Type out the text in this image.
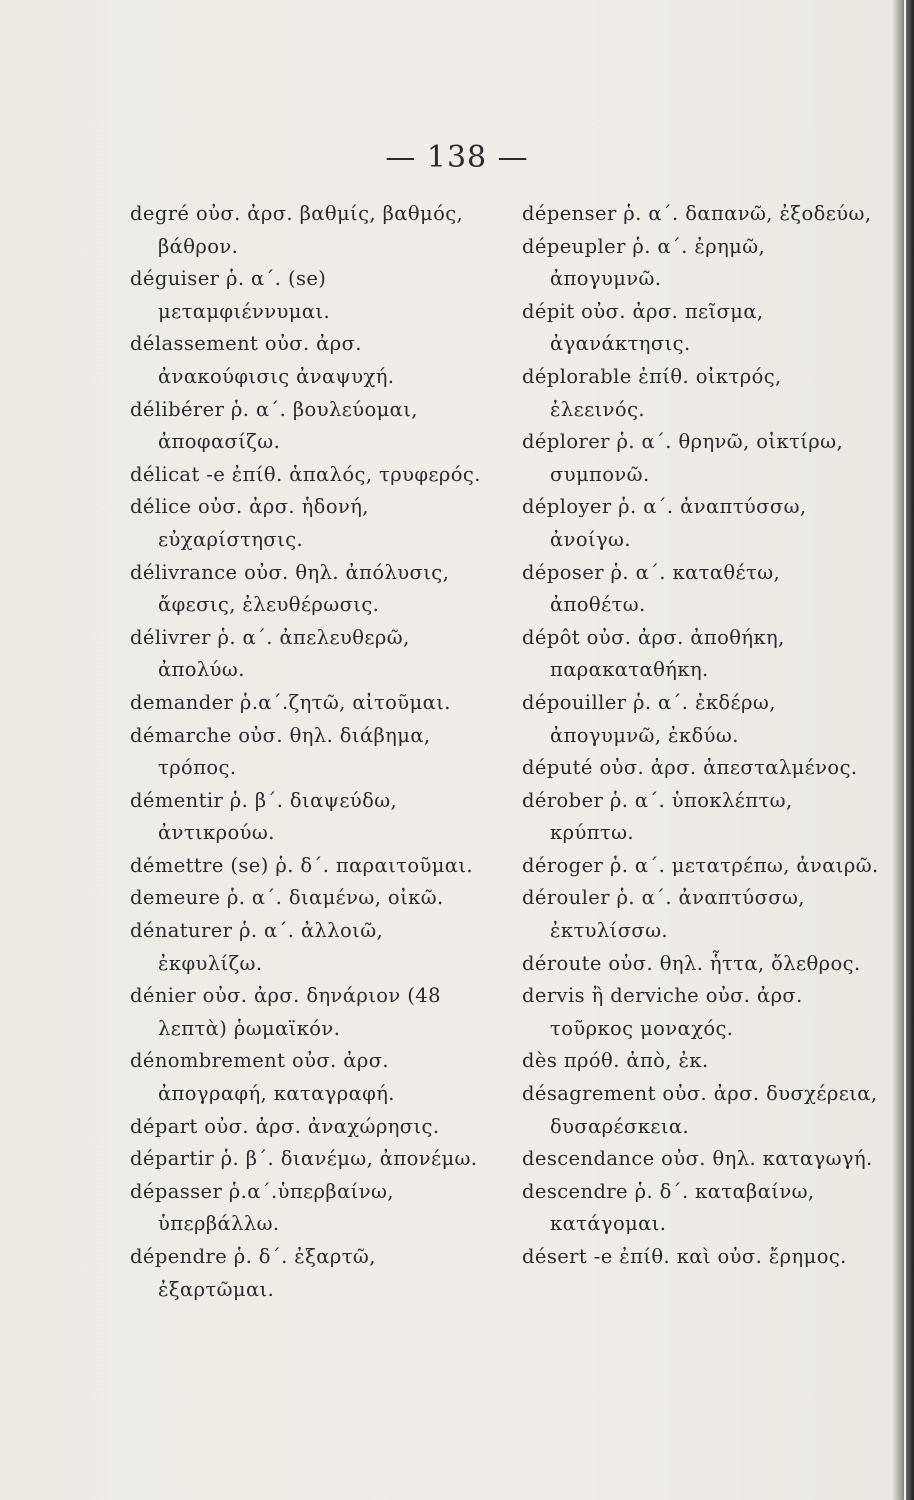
— 138 —

degré οὐσ. ἀρσ. βαθμίς, βαθμός, βάθρον.

déguiser ῥ. α΄. (se) μεταμφιέννυμαι.

délassement οὐσ. ἀρσ. ἀνακούφισις ἀναψυχή.

délibérer ῥ. α΄. βουλεύομαι, ἀποφασίζω.

délicat -e ἐπίθ. ἁπαλός, τρυφερός.

délice οὐσ. ἀρσ. ἡδονή, εὐχαρίστησις.

délivrance οὐσ. θηλ. ἀπόλυσις, ἄφεσις, ἐλευθέρωσις.

délivrer ῥ. α΄. ἀπελευθερῶ, ἀπολύω.

demander ῥ.α΄.ζητῶ, αἰτοῦμαι.

démarche οὐσ. θηλ. διάβημα, τρόπος.

démentir ῥ. β΄. διαψεύδω, ἀντικρούω.

démettre (se) ῥ. δ΄. παραιτοῦμαι.

demeure ῥ. α΄. διαμένω, οἰκῶ.

dénaturer ῥ. α΄. ἀλλοιῶ, ἐκφυλίζω.

dénier οὐσ. ἀρσ. δηνάριον (48 λεπτὰ) ῥωμαϊκόν.

dénombrement οὐσ. ἀρσ. ἀπογραφή, καταγραφή.

départ οὐσ. ἀρσ. ἀναχώρησις.

départir ῥ. β΄. διανέμω, ἀπονέμω.

dépasser ῥ.α΄.ὑπερβαίνω, ὑπερβάλλω.

dépendre ῥ. δ΄. ἐξαρτῶ, ἐξαρτῶμαι.

dépenser ῥ. α΄. δαπανῶ, ἐξοδεύω,

dépeupler ῥ. α΄. ἐρημῶ, ἀπογυμνῶ.

dépit οὐσ. ἀρσ. πεῖσμα, ἀγανάκτησις.

déplorable ἐπίθ. οἰκτρός, ἐλεεινός.

déplorer ῥ. α΄. θρηνῶ, οἰκτίρω, συμπονῶ.

déployer ῥ. α΄. ἀναπτύσσω, ἀνοίγω.

déposer ῥ. α΄. καταθέτω, ἀποθέτω.

dépôt οὐσ. ἀρσ. ἀποθήκη, παρακαταθήκη.

dépouiller ῥ. α΄. ἐκδέρω, ἀπογυμνῶ, ἐκδύω.

député οὐσ. ἀρσ. ἀπεσταλμένος.

dérober ῥ. α΄. ὑποκλέπτω, κρύπτω.

déroger ῥ. α΄. μετατρέπω, ἀναιρῶ.

dérouler ῥ. α΄. ἀναπτύσσω, ἐκτυλίσσω.

déroute οὐσ. θηλ. ἧττα, ὄλεθρος.

dervis ἢ derviche οὐσ. ἀρσ. τοῦρκος μοναχός.

dès πρόθ. ἀπὸ, ἐκ.

désagrement οὐσ. ἀρσ. δυσχέρεια, δυσαρέσκεια.

descendance οὐσ. θηλ. καταγωγή.

descendre ῥ. δ΄. καταβαίνω, κατάγομαι.

désert -e ἐπίθ. καὶ οὐσ. ἔρημος.
